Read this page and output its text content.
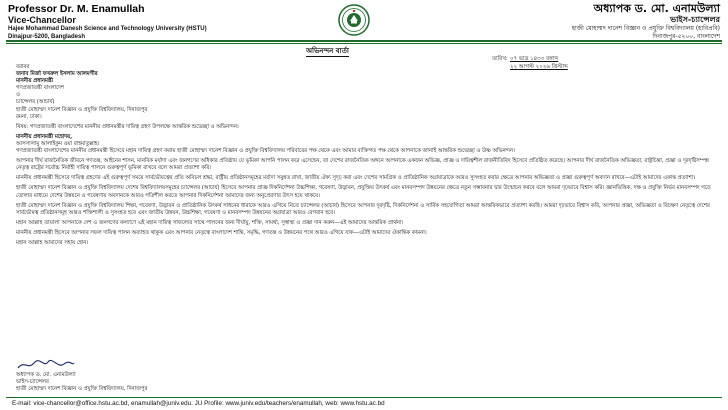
Professor Dr. M. Enamullah
Vice-Chancellor
Hajee Mohammad Danesh Science and Technology University (HSTU)
Dinajpur-5200, Bangladesh
অধ্যাপক ড. মো. এনামউল্যা
ভাইস-চ্যান্সেলর
হাজী মোহাম্মদ দানেশ বিজ্ঞান ও প্রযুক্তি বিশ্ববিদ্যালয় (হাবিপ্রবি)
দিনাজপুর-৫২০০, বাংলাদেশ
অভিনন্দন বার্তা
তারিখ: ০৭ ভাদ্র ১৪৩৩ বঙ্গাব্দ
২২ আগস্ট ২০২৬ খ্রিস্টাব্দ
বরাবর
জনাব মির্জা ফখরুল ইসলাম আলমগীর
মাননীয় প্রধানমন্ত্রী
গণপ্রজাতন্ত্রী বাংলাদেশ
ও
চ্যান্সেলর (আচার্য)
হাজী মোহাম্মদ দানেশ বিজ্ঞান ও প্রযুক্তি বিশ্ববিদ্যালয়, দিনাজপুর
রমনা, ঢাকা।
বিষয়: গণপ্রজাতন্ত্রী বাংলাদেশের মাননীয় প্রধানমন্ত্রীর দায়িত্ব গ্রহণ উপলক্ষে আন্তরিক শুভেচ্ছা ও অভিনন্দন।
মাননীয় প্রধানমন্ত্রী মহোদয়,
আসসালামু আলাইকুম ওয়া রাহমাতুল্লাহ।
গণপ্রজাতন্ত্রী বাংলাদেশের মাননীয় প্রধানমন্ত্রী হিসেবে মহান দায়িত্ব গ্রহণ করায় হাজী মোহাম্মদ দানেশ বিজ্ঞান ও প্রযুক্তি বিশ্ববিদ্যালয় পরিবারের পক্ষ থেকে এবং আমার ব্যক্তিগত পক্ষ থেকে আপনাকে জানাই আন্তরিক শুভেচ্ছা ও উষ্ণ অভিনন্দন।
আপনার দীর্ঘ রাজনৈতিক জীবনে গণতন্ত্র, আইনের শাসন, মানবিক মর্যাদা এবং জনগণের অধিকার প্রতিষ্ঠায় যে ভূমিকা আপনি পালন করে এসেছেন, তা দেশের রাজনৈতিক অঙ্গনে আপনাকে একজন অভিজ্ঞ, প্রাজ্ঞ ও দায়িত্বশীল রাজনীতিবিদ হিসেবে প্রতিষ্ঠিত করেছে। আপনার দীর্ঘ রাজনৈতিক অভিজ্ঞতা, রাষ্ট্রচিন্তা, প্রজ্ঞা ও দূরদৃষ্টিসম্পন্ন নেতৃত্ব রাষ্ট্রের সর্বোচ্চ নির্বাহী দায়িত্ব পালনে গুরুত্বপূর্ণ ভূমিকা রাখবে বলে আমরা প্রত্যাশা করি।
মাননীয় প্রধানমন্ত্রী হিসেবে দায়িত্ব গ্রহণের এই গুরুত্বপূর্ণ সময়ে সার্বভৌমত্বের প্রতি অবিচল শ্রদ্ধা, রাষ্ট্রীয় প্রতিষ্ঠানসমূহের মর্যাদা সমুন্নত রাখা, জাতীয় ঐক্য সুদৃঢ় করা এবং দেশের সামগ্রিক ও প্রাতিষ্ঠানিক অগ্রযাত্রাকে আরও সুসংহত করার ক্ষেত্রে আপনার অভিজ্ঞতা ও প্রজ্ঞা গুরুত্বপূর্ণ অবদান রাখবে—এটাই আমাদের একান্ত প্রত্যাশা।
হাজী মোহাম্মদ দানেশ বিজ্ঞান ও প্রযুক্তি বিশ্ববিদ্যালয় দেশের বিশ্ববিদ্যালয়সমূহের চ্যান্সেলর (আচার্য) হিসেবে আপনার প্রাজ্ঞ দিকনির্দেশনা উচ্চশিক্ষা, গবেষণা, উদ্ভাবন, প্রযুক্তির উৎকর্ষ এবং মানবসম্পদ উন্নয়নের ক্ষেত্রে নতুন সম্ভাবনার দ্বার উন্মোচন করবে বলে আমরা দৃঢ়ভাবে বিশ্বাস করি। জ্ঞানভিত্তিক, দক্ষ ও প্রযুক্তি নির্ভর মানবসম্পদ গড়ে তোলার মাধ্যমে দেশের উন্নয়নে ও গবেষণায় অবদানকে আরও গতিশীল করতে আপনার দিকনির্দেশনা আমাদের জন্য অনুপ্রেরণার উৎস হয়ে থাকবে।
হাজী মোহাম্মদ দানেশ বিজ্ঞান ও প্রযুক্তি বিশ্ববিদ্যালয় শিক্ষা, গবেষণা, উদ্ভাবন ও প্রাতিষ্ঠানিক উৎকর্ষ সাধনের ধারাকে আরও এগিয়ে নিতে চ্যান্সেলর (আচার্য) হিসেবে আপনার দূরদৃষ্টি, দিকনির্দেশনা ও সার্বিক সহযোগিতা আমরা আন্তরিকভাবে প্রত্যাশা করছি। আমরা দৃঢ়ভাবে বিশ্বাস করি, আপনার প্রজ্ঞা, অভিজ্ঞতা ও বিচক্ষণ নেতৃত্বে দেশের সার্বভৌমত্ব প্রতিষ্ঠানসমূহ আরও শক্তিশালী ও সুসংহত হবে এবং জাতীয় উন্নয়ন, উচ্চশিক্ষা, গবেষণা ও মানবসম্পদ উন্নয়নের অগ্রযাত্রা আরও বেগবান হবে।
মহান আল্লাহ তায়ালা আপনাকে দেশ ও জনগণের কল্যাণে এই মহান দায়িত্ব সাফল্যের সাথে পালনের জন্য দীর্ঘায়ু, শক্তি, সামর্থ্য, সুস্বাস্থ্য ও প্রজ্ঞা দান করুন—এই আমাদের আন্তরিক প্রার্থনা।
মাননীয় প্রধানমন্ত্রী হিসেবে আপনার সফল দায়িত্ব পালন অব্যাহত থাকুক এবং আপনার নেতৃত্বে বাংলাদেশ শান্তি, সমৃদ্ধি, গণতন্ত্র ও উন্নয়নের পথে আরও এগিয়ে যাক—এটাই আমাদের ঐকান্তিক কামনা।
মহান আল্লাহ আমাদের সহায় হোন।
অধ্যাপক ড. মো. এনামউল্যা
ভাইস-চ্যান্সেলর
হাজী মোহাম্মদ দানেশ বিজ্ঞান ও প্রযুক্তি বিশ্ববিদ্যালয়, দিনাজপুর
E-mail: vice-chancellor@office.hstu.ac.bd, enamullah@juniv.edu. JU Profile: www.juniv.edu/teachers/enamullah, web: www.hstu.ac.bd
